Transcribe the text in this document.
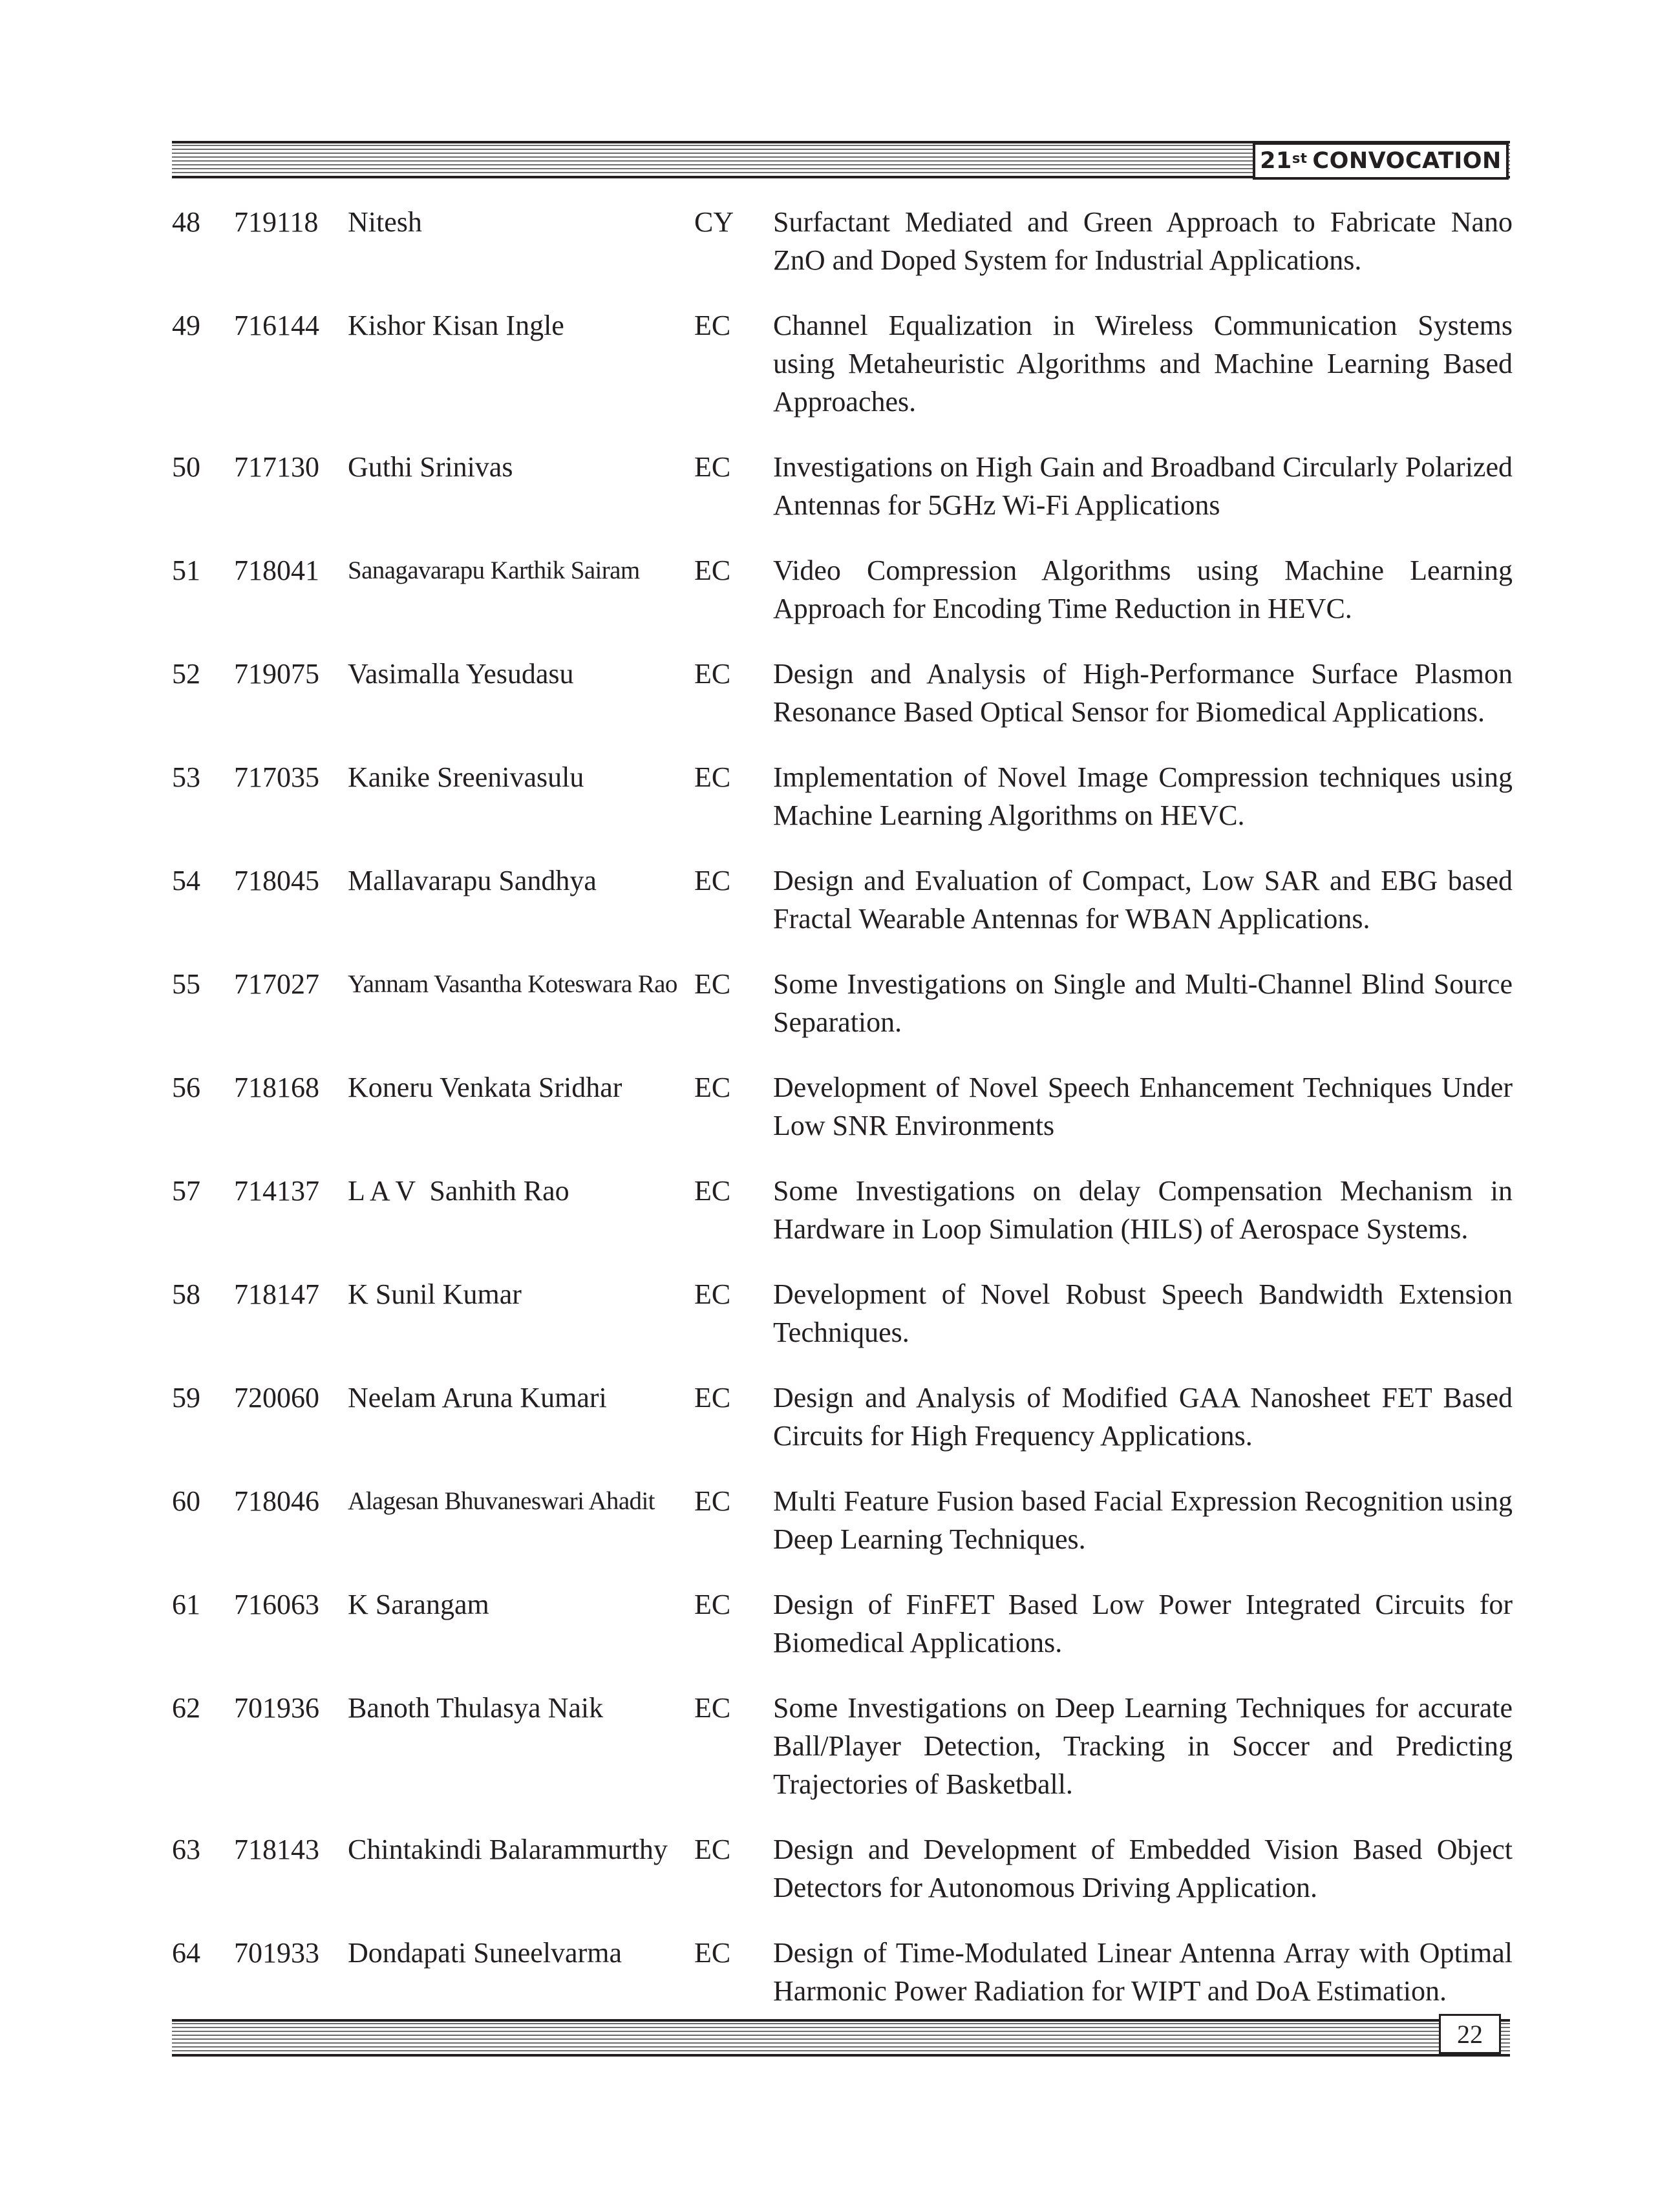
21st CONVOCATION
48	719118	Nitesh	CY	Surfactant Mediated and Green Approach to Fabricate Nano ZnO and Doped System for Industrial Applications.
49	716144	Kishor Kisan Ingle	EC	Channel Equalization in Wireless Communication Systems using Metaheuristic Algorithms and Machine Learning Based Approaches.
50	717130	Guthi Srinivas	EC	Investigations on High Gain and Broadband Circularly Polarized Antennas for 5GHz Wi-Fi Applications
51	718041	Sanagavarapu Karthik Sairam	EC	Video Compression Algorithms using Machine Learning Approach for Encoding Time Reduction in HEVC.
52	719075	Vasimalla Yesudasu	EC	Design and Analysis of High-Performance Surface Plasmon Resonance Based Optical Sensor for Biomedical Applications.
53	717035	Kanike Sreenivasulu	EC	Implementation of Novel Image Compression techniques using Machine Learning Algorithms on HEVC.
54	718045	Mallavarapu Sandhya	EC	Design and Evaluation of Compact, Low SAR and EBG based Fractal Wearable Antennas for WBAN Applications.
55	717027	Yannam Vasantha Koteswara Rao EC	Some Investigations on Single and Multi-Channel Blind Source Separation.
56	718168	Koneru Venkata Sridhar	EC	Development of Novel Speech Enhancement Techniques Under Low SNR Environments
57	714137	L A V  Sanhith Rao	EC	Some Investigations on delay Compensation Mechanism in Hardware in Loop Simulation (HILS) of Aerospace Systems.
58	718147	K Sunil Kumar	EC	Development of Novel Robust Speech Bandwidth Extension Techniques.
59	720060	Neelam Aruna Kumari	EC	Design and Analysis of Modified GAA Nanosheet FET Based Circuits for High Frequency Applications.
60	718046	Alagesan Bhuvaneswari Ahadit	EC	Multi Feature Fusion based Facial Expression Recognition using Deep Learning Techniques.
61	716063	K Sarangam	EC	Design of FinFET Based Low Power Integrated Circuits for Biomedical Applications.
62	701936	Banoth Thulasya Naik	EC	Some Investigations on Deep Learning Techniques for accurate Ball/Player Detection, Tracking in Soccer and Predicting Trajectories of Basketball.
63	718143	Chintakindi Balarammurthy EC	Design and Development of Embedded Vision Based Object Detectors for Autonomous Driving Application.
64	701933	Dondapati Suneelvarma	EC	Design of Time-Modulated Linear Antenna Array with Optimal Harmonic Power Radiation for WIPT and DoA Estimation.
22
